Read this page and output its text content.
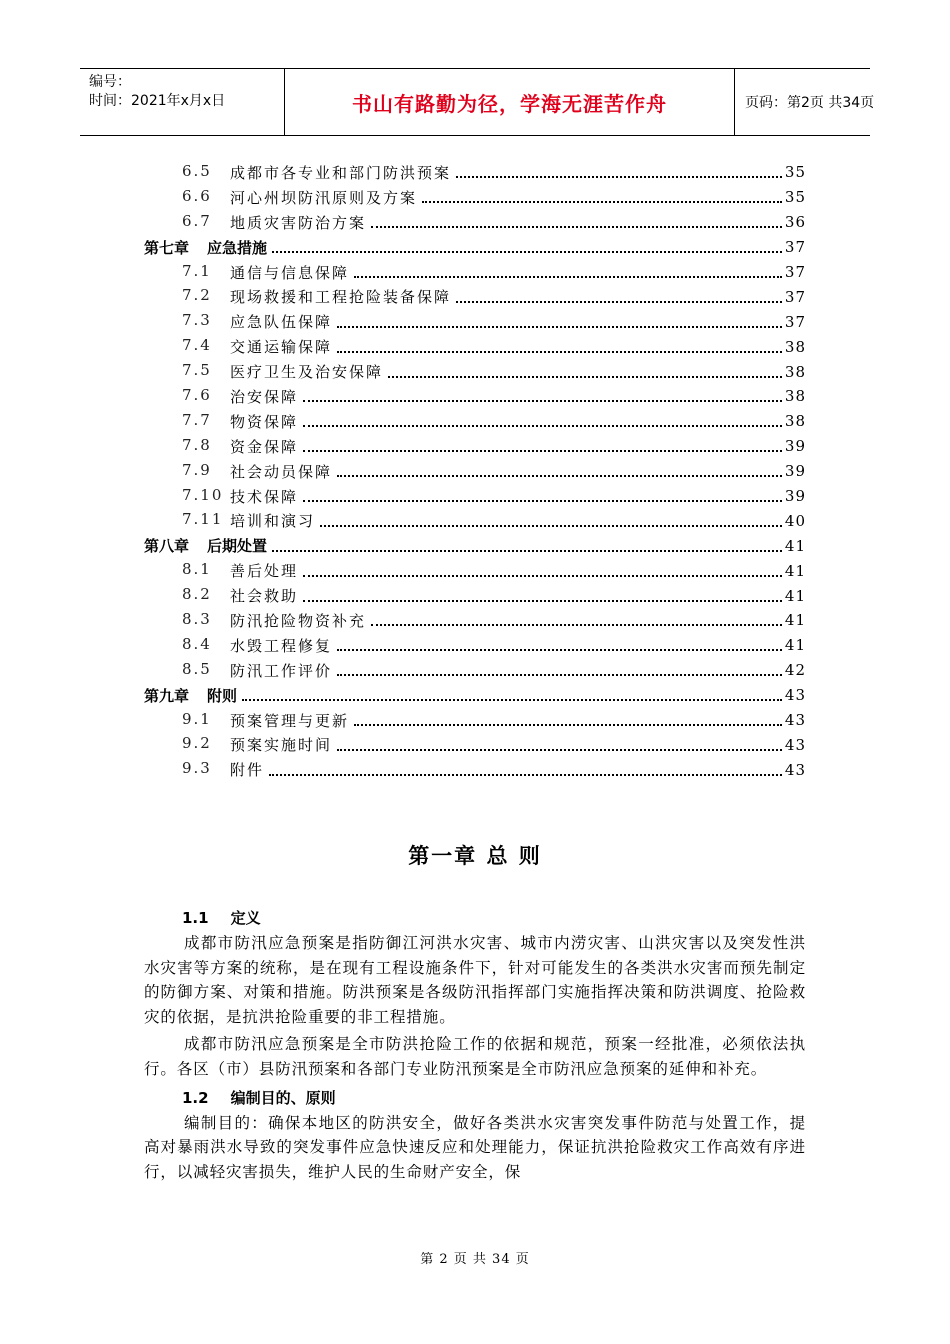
编号：
时间：2021年x月x日	书山有路勤为径，学海无涯苦作舟	页码：第2页 共34页
6.5	成都市各专业和部门防洪预案	35
6.6	河心州坝防汛原则及方案	35
6.7	地质灾害防治方案	36
第七章 应急措施	37
7.1	通信与信息保障	37
7.2	现场救援和工程抢险装备保障	37
7.3	应急队伍保障	37
7.4	交通运输保障	38
7.5	医疗卫生及治安保障	38
7.6	治安保障	38
7.7	物资保障	38
7.8	资金保障	39
7.9	社会动员保障	39
7.10 技术保障	39
7.11 培训和演习	40
第八章 后期处置	41
8.1	善后处理	41
8.2	社会救助	41
8.3	防汛抢险物资补充	41
8.4	水毁工程修复	41
8.5	防汛工作评价	42
第九章 附则	43
9.1	预案管理与更新	43
9.2	预案实施时间	43
9.3	附件	43
第一章 总 则
1.1 定义

成都市防汛应急预案是指防御江河洪水灾害、城市内涝灾害、山洪灾害以及突发性洪水灾害等方案的统称，是在现有工程设施条件下，针对可能发生的各类洪水灾害而预先制定的防御方案、对策和措施。防洪预案是各级防汛指挥部门实施指挥决策和防洪调度、抢险救灾的依据，是抗洪抢险重要的非工程措施。

成都市防汛应急预案是全市防洪抢险工作的依据和规范，预案一经批准，必须依法执行。各区（市）县防汛预案和各部门专业防汛预案是全市防汛应急预案的延伸和补充。

1.2 编制目的、原则

编制目的：确保本地区的防洪安全，做好各类洪水灾害突发事件防范与处置工作，提高对暴雨洪水导致的突发事件应急快速反应和处理能力，保证抗洪抢险救灾工作高效有序进行，以减轻灾害损失，维护人民的生命财产安全，保

第 2 页 共 34 页
